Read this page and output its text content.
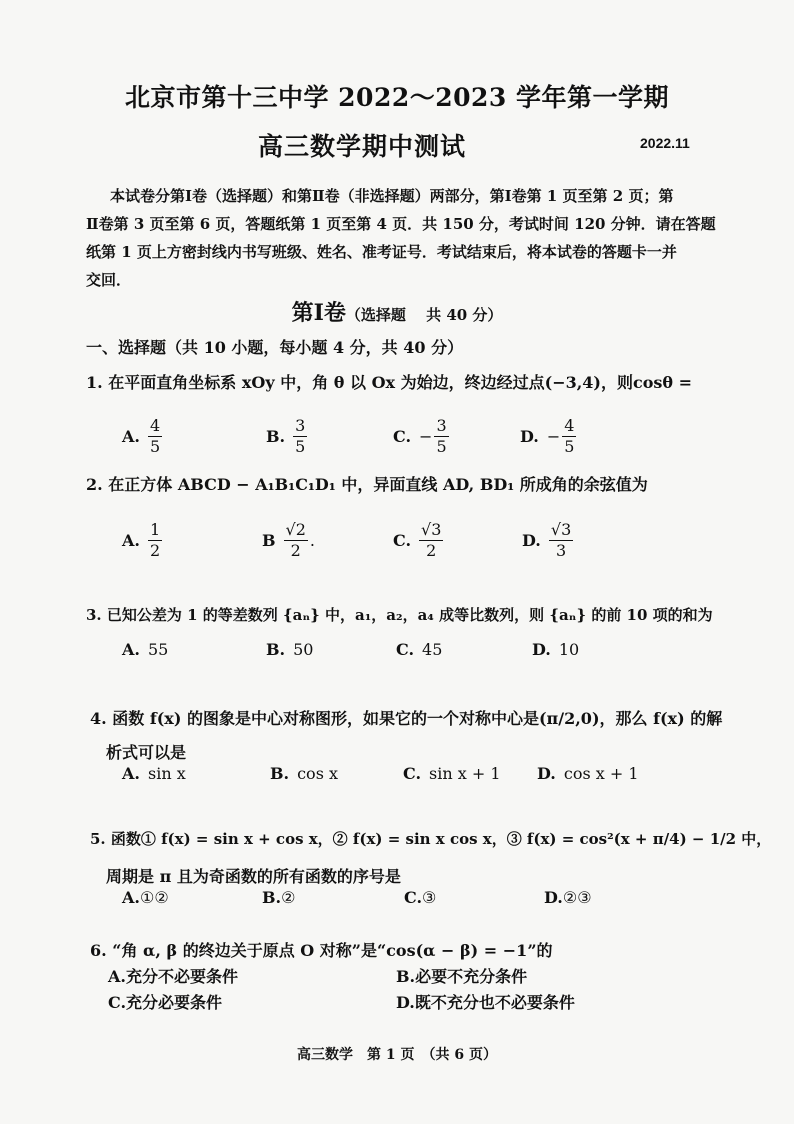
北京市第十三中学 2022～2023 学年第一学期
高三数学期中测试	2022.11
本试卷分第Ⅰ卷（选择题）和第Ⅱ卷（非选择题）两部分，第Ⅰ卷第 1 页至第 2 页；第
Ⅱ卷第 3 页至第 6 页，答题纸第 1 页至第 4 页．共 150 分，考试时间 120 分钟．请在答题
纸第 1 页上方密封线内书写班级、姓名、准考证号．考试结束后，将本试卷的答题卡一并
交回．
第Ⅰ卷（选择题　 共 40 分）
一、选择题（共 10 小题，每小题 4 分，共 40 分）
1. 在平面直角坐标系 xOy 中，角 θ 以 Ox 为始边，终边经过点(−3,4)，则cosθ =
A. $\frac{4}{5}$	B. $\frac{3}{5}$	C. − $\frac{3}{5}$	D. − $\frac{4}{5}$
2. 在正方体 ABCD − A₁B₁C₁D₁ 中，异面直线 AD, BD₁ 所成角的余弦值为
A. $\frac{1}{2}$	B $\frac{√2}{2}$ .	C. $\frac{√3}{2}$	D. $\frac{√3}{3}$
3. 已知公差为 1 的等差数列 {aₙ} 中，a₁，a₂，a₄ 成等比数列，则 {aₙ} 的前 10 项的和为
A. 55	B. 50	C. 45	D. 10
4. 函数 f(x) 的图象是中心对称图形，如果它的一个对称中心是(π/2,0)，那么 f(x) 的解
析式可以是
A. sin x	B. cos x	C. sin x + 1 D. cos x + 1
5. 函数① f(x) = sin x + cos x，② f(x) = sin x cos x，③ f(x) = cos²(x + π/4) − 1/2 中，
周期是 π 且为奇函数的所有函数的序号是
A. ①②	B. ②	C. ③	D. ②③
6. “角 α, β 的终边关于原点 O 对称”是“cos(α − β) = −1”的
A.充分不必要条件	B.必要不充分条件
C.充分必要条件	D.既不充分也不必要条件
高三数学　第 1 页　（共 6 页）
